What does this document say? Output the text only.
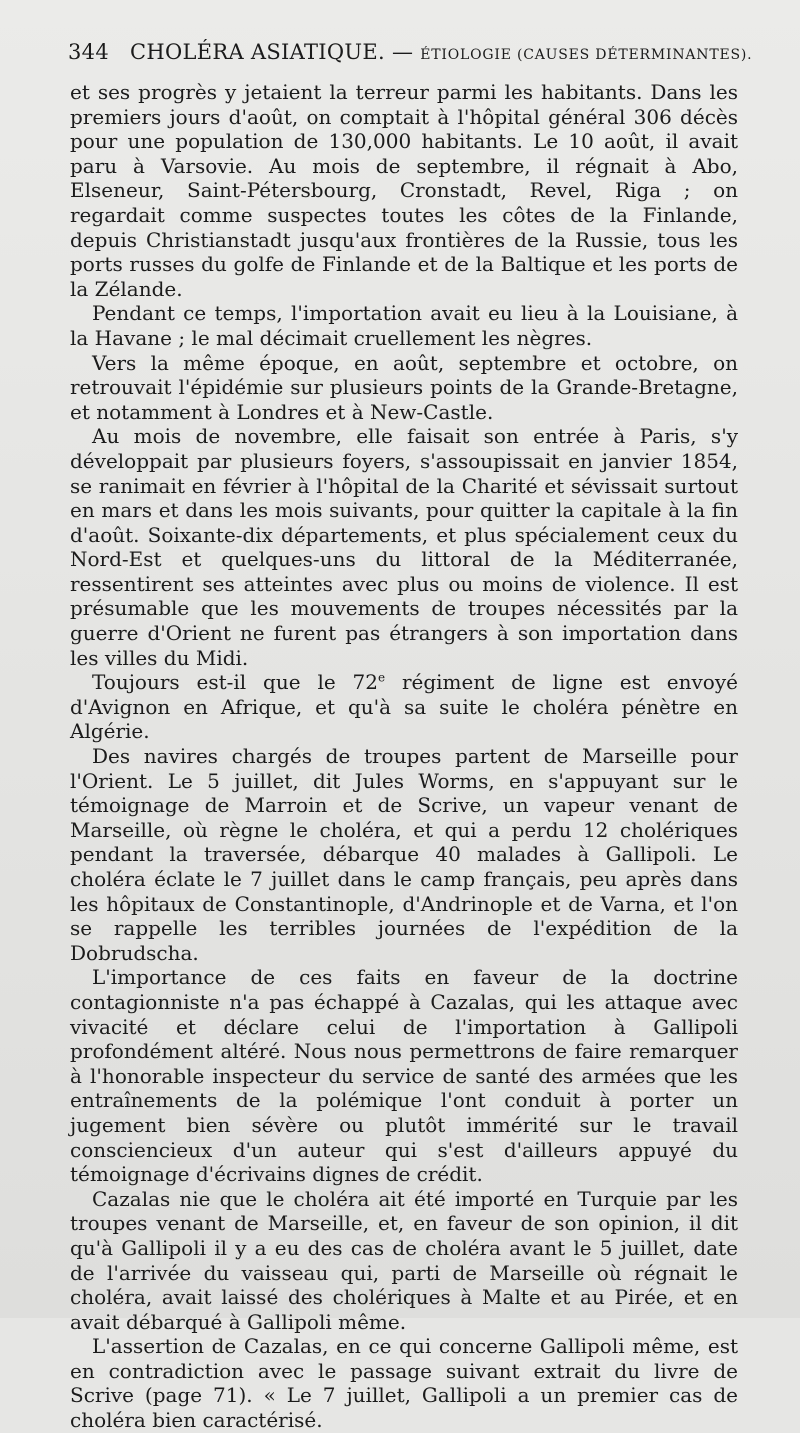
344 CHOLÉRA ASIATIQUE. — ÉTIOLOGIE (CAUSES DÉTERMINANTES).

et ses progrès y jetaient la terreur parmi les habitants. Dans les premiers jours d'août, on comptait à l'hôpital général 306 décès pour une population de 130,000 habitants. Le 10 août, il avait paru à Varsovie. Au mois de septembre, il régnait à Abo, Elseneur, Saint-Pétersbourg, Cronstadt, Revel, Riga ; on regardait comme suspectes toutes les côtes de la Finlande, depuis Christianstadt jusqu'aux frontières de la Russie, tous les ports russes du golfe de Finlande et de la Baltique et les ports de la Zélande.

Pendant ce temps, l'importation avait eu lieu à la Louisiane, à la Havane ; le mal décimait cruellement les nègres.

Vers la même époque, en août, septembre et octobre, on retrouvait l'épidémie sur plusieurs points de la Grande-Bretagne, et notamment à Londres et à New-Castle.

Au mois de novembre, elle faisait son entrée à Paris, s'y développait par plusieurs foyers, s'assoupissait en janvier 1854, se ranimait en février à l'hôpital de la Charité et sévissait surtout en mars et dans les mois suivants, pour quitter la capitale à la fin d'août. Soixante-dix départements, et plus spécialement ceux du Nord-Est et quelques-uns du littoral de la Méditerranée, ressentirent ses atteintes avec plus ou moins de violence. Il est présumable que les mouvements de troupes nécessités par la guerre d'Orient ne furent pas étrangers à son importation dans les villes du Midi.

Toujours est-il que le 72e régiment de ligne est envoyé d'Avignon en Afrique, et qu'à sa suite le choléra pénètre en Algérie.

Des navires chargés de troupes partent de Marseille pour l'Orient. Le 5 juillet, dit Jules Worms, en s'appuyant sur le témoignage de Marroin et de Scrive, un vapeur venant de Marseille, où règne le choléra, et qui a perdu 12 cholériques pendant la traversée, débarque 40 malades à Gallipoli. Le choléra éclate le 7 juillet dans le camp français, peu après dans les hôpitaux de Constantinople, d'Andrinople et de Varna, et l'on se rappelle les terribles journées de l'expédition de la Dobrudscha.

L'importance de ces faits en faveur de la doctrine contagionniste n'a pas échappé à Cazalas, qui les attaque avec vivacité et déclare celui de l'importation à Gallipoli profondément altéré. Nous nous permettrons de faire remarquer à l'honorable inspecteur du service de santé des armées que les entraînements de la polémique l'ont conduit à porter un jugement bien sévère ou plutôt immérité sur le travail consciencieux d'un auteur qui s'est d'ailleurs appuyé du témoignage d'écrivains dignes de crédit.

Cazalas nie que le choléra ait été importé en Turquie par les troupes venant de Marseille, et, en faveur de son opinion, il dit qu'à Gallipoli il y a eu des cas de choléra avant le 5 juillet, date de l'arrivée du vaisseau qui, parti de Marseille où régnait le choléra, avait laissé des cholériques à Malte et au Pirée, et en avait débarqué à Gallipoli même.

L'assertion de Cazalas, en ce qui concerne Gallipoli même, est en contradiction avec le passage suivant extrait du livre de Scrive (page 71). « Le 7 juillet, Gallipoli a un premier cas de choléra bien caractérisé.
